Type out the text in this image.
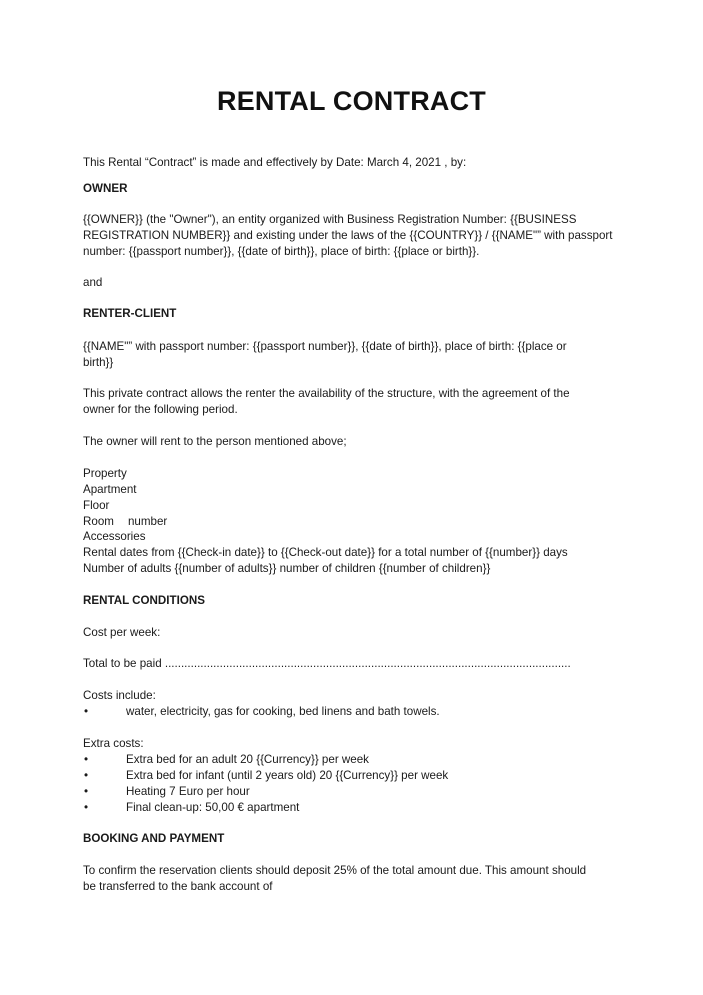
RENTAL CONTRACT
This Rental “Contract” is made and effectively by Date: March 4, 2021 , by:
OWNER
{{OWNER}} (the "Owner"), an entity organized with Business Registration Number: {{BUSINESS
REGISTRATION NUMBER}} and existing under the laws of the {{COUNTRY}} / {{NAME"” with passport
number: {{passport number}}, {{date of birth}}, place of birth: {{place or birth}}.
and
RENTER-CLIENT
{{NAME"” with passport number: {{passport number}}, {{date of birth}}, place of birth: {{place or
birth}}
This private contract allows the renter the availability of the structure, with the agreement of the
owner for the following period.
The owner will rent to the person mentioned above;
Property
Apartment
Floor
Room number
Accessories
Rental dates from {{Check-in date}} to {{Check-out date}} for a total number of {{number}} days
Number of adults {{number of adults}} number of children {{number of children}}
RENTAL CONDITIONS
Cost per week:
Total to be paid ..............................................................................................................................
Costs include:
•	water, electricity, gas for cooking, bed linens and bath towels.
Extra costs:
•	Extra bed for an adult 20 {{Currency}} per week
•	Extra bed for infant (until 2 years old) 20 {{Currency}} per week
•	Heating 7 Euro per hour
•	Final clean-up: 50,00 € apartment
BOOKING AND PAYMENT
To confirm the reservation clients should deposit 25% of the total amount due. This amount should
be transferred to the bank account of
